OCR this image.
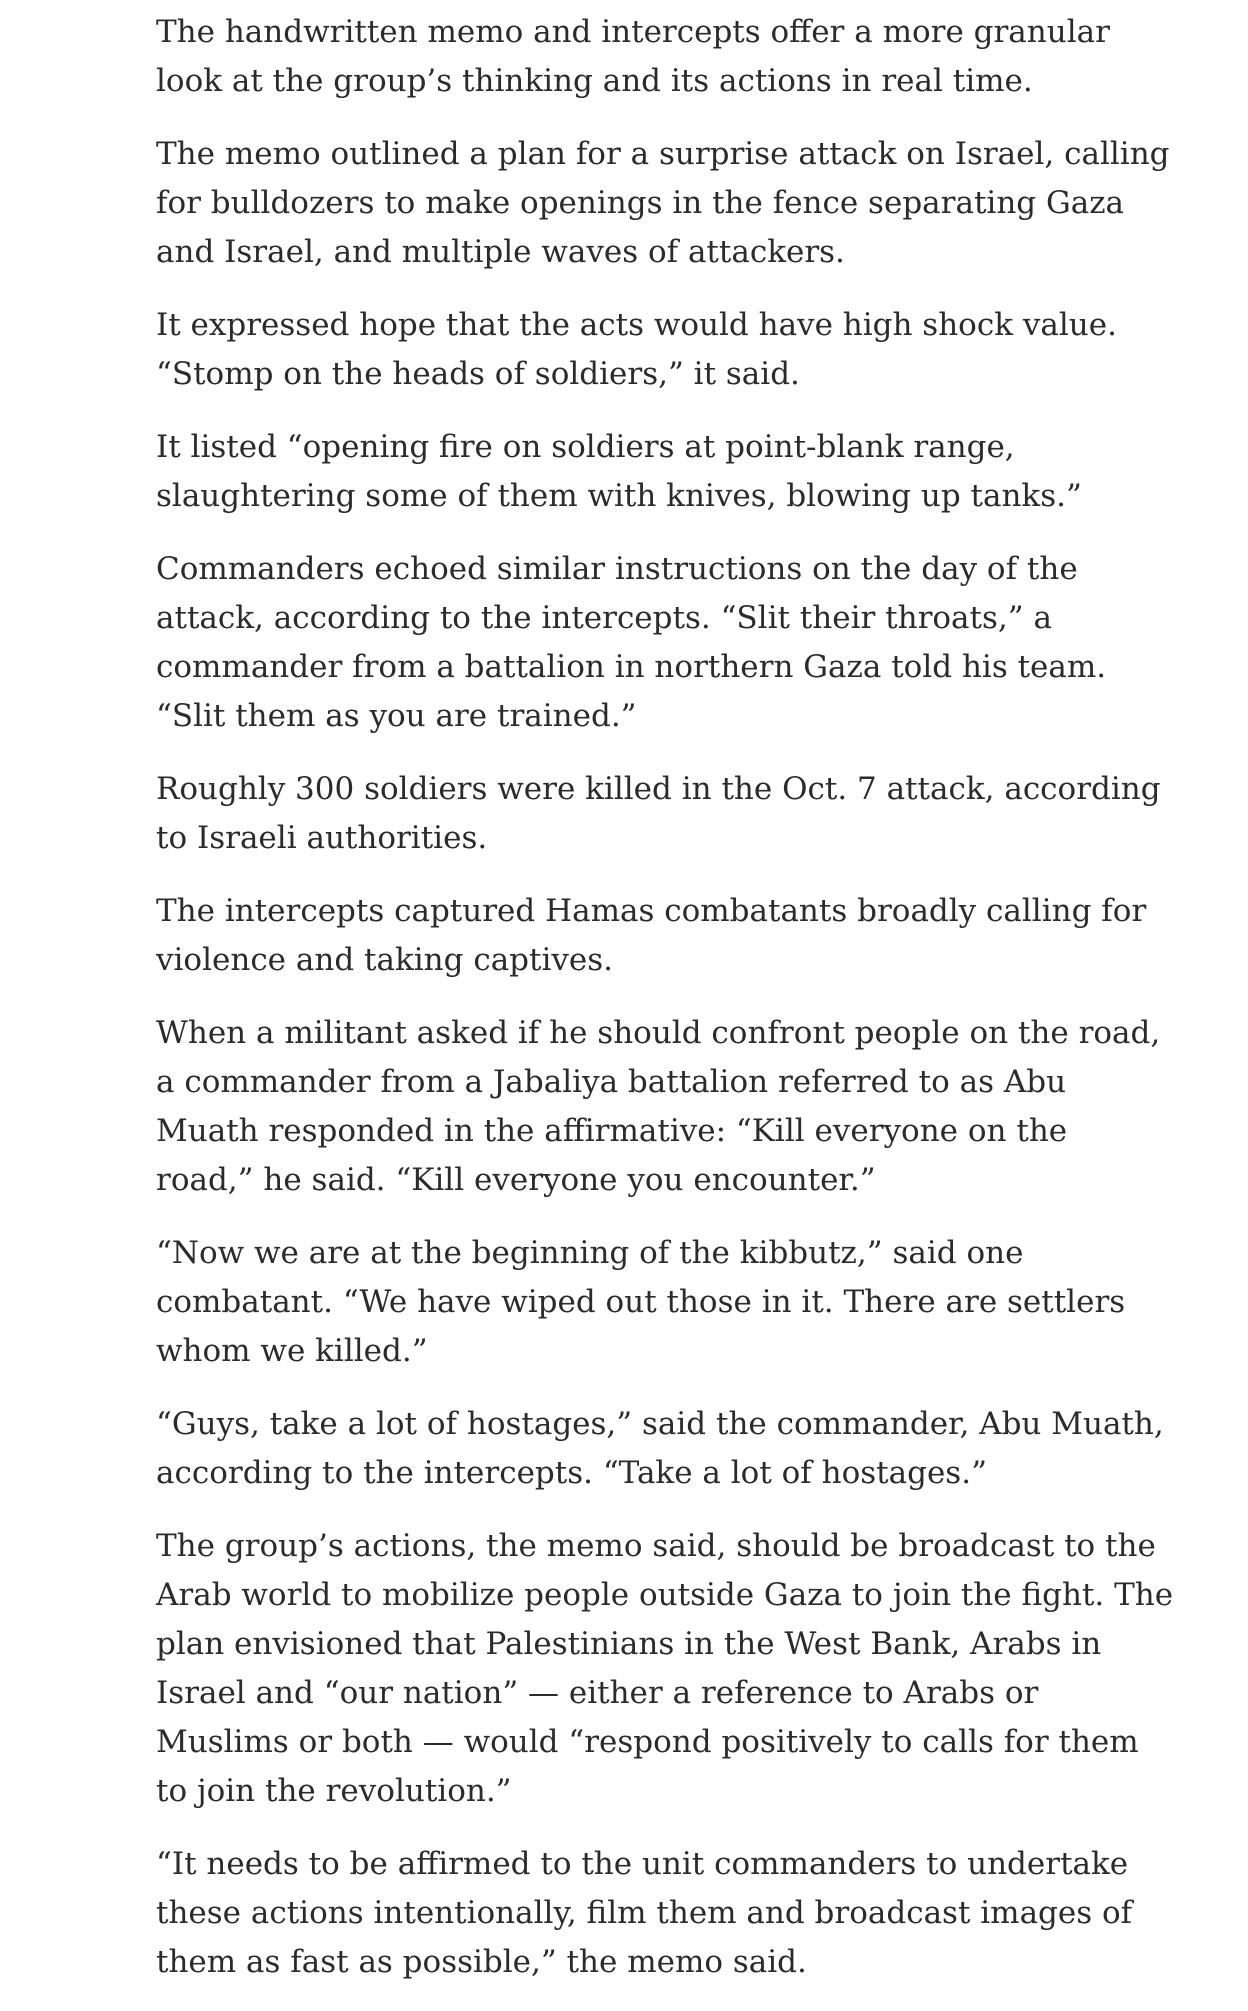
The handwritten memo and intercepts offer a more granular
look at the group’s thinking and its actions in real time.

The memo outlined a plan for a surprise attack on Israel, calling
for bulldozers to make openings in the fence separating Gaza
and Israel, and multiple waves of attackers.

It expressed hope that the acts would have high shock value.
“Stomp on the heads of soldiers,” it said.

It listed “opening fire on soldiers at point-blank range,
slaughtering some of them with knives, blowing up tanks.”

Commanders echoed similar instructions on the day of the
attack, according to the intercepts. “Slit their throats,” a
commander from a battalion in northern Gaza told his team.
“Slit them as you are trained.”

Roughly 300 soldiers were killed in the Oct. 7 attack, according
to Israeli authorities.

The intercepts captured Hamas combatants broadly calling for
violence and taking captives.

When a militant asked if he should confront people on the road,
a commander from a Jabaliya battalion referred to as Abu
Muath responded in the affirmative: “Kill everyone on the
road,” he said. “Kill everyone you encounter.”

“Now we are at the beginning of the kibbutz,” said one
combatant. “We have wiped out those in it. There are settlers
whom we killed.”

“Guys, take a lot of hostages,” said the commander, Abu Muath,
according to the intercepts. “Take a lot of hostages.”

The group’s actions, the memo said, should be broadcast to the
Arab world to mobilize people outside Gaza to join the fight. The
plan envisioned that Palestinians in the West Bank, Arabs in
Israel and “our nation” — either a reference to Arabs or
Muslims or both — would “respond positively to calls for them
to join the revolution.”

“It needs to be affirmed to the unit commanders to undertake
these actions intentionally, film them and broadcast images of
them as fast as possible,” the memo said.
